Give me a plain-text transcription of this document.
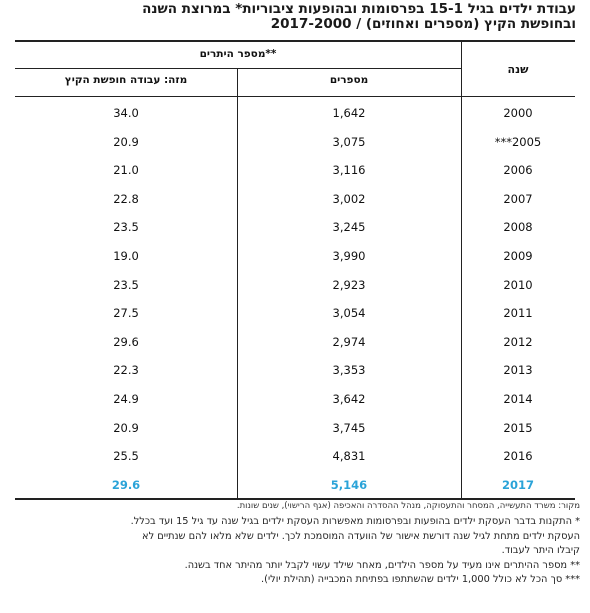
עבודת ילדים בגיל 15-1 בפרסומות ובהופעות ציבוריות* במרוצת השנה
ובחופשת הקיץ (מספרים ואחוזים) / 2017-2000
שנה
מספר היתרים**
מספרים
מזה: עבודה חופשת הקיץ
2000
1,642
34.0
***2005
3,075
20.9
2006
3,116
21.0
2007
3,002
22.8
2008
3,245
23.5
2009
3,990
19.0
2010
2,923
23.5
2011
3,054
27.5
2012
2,974
29.6
2013
3,353
22.3
2014
3,642
24.9
2015
3,745
20.9
2016
4,831
25.5
2017
5,146
29.6
מקור: משרד התעשייה, המסחר והתעסוקה, מנהל ההסדרה והאכיפה (אגף הרישוי), שנים שונות.
* התקנות בדבר העסקת ילדים בהופעות ובפרסומות מאפשרות העסקת ילדים בגיל שנה עד גיל 15 ועד בכלל.
העסקת ילדים מתחת לגיל שנה דורשת אישור של הוועדה המוסמכת לכך. ילדים שלא מלאו להם שנתיים לא
קיבלו היתר לעבוד.
** מספר ההיתרים אינו מעיד על מספר הילדים, מאחר שילד עשוי לקבל יותר מהיתר אחד בשנה.
*** סך הכל לא כולל 1,000 ילדים שהשתתפו בפתיחת המכבייה (תהילת יולי).
